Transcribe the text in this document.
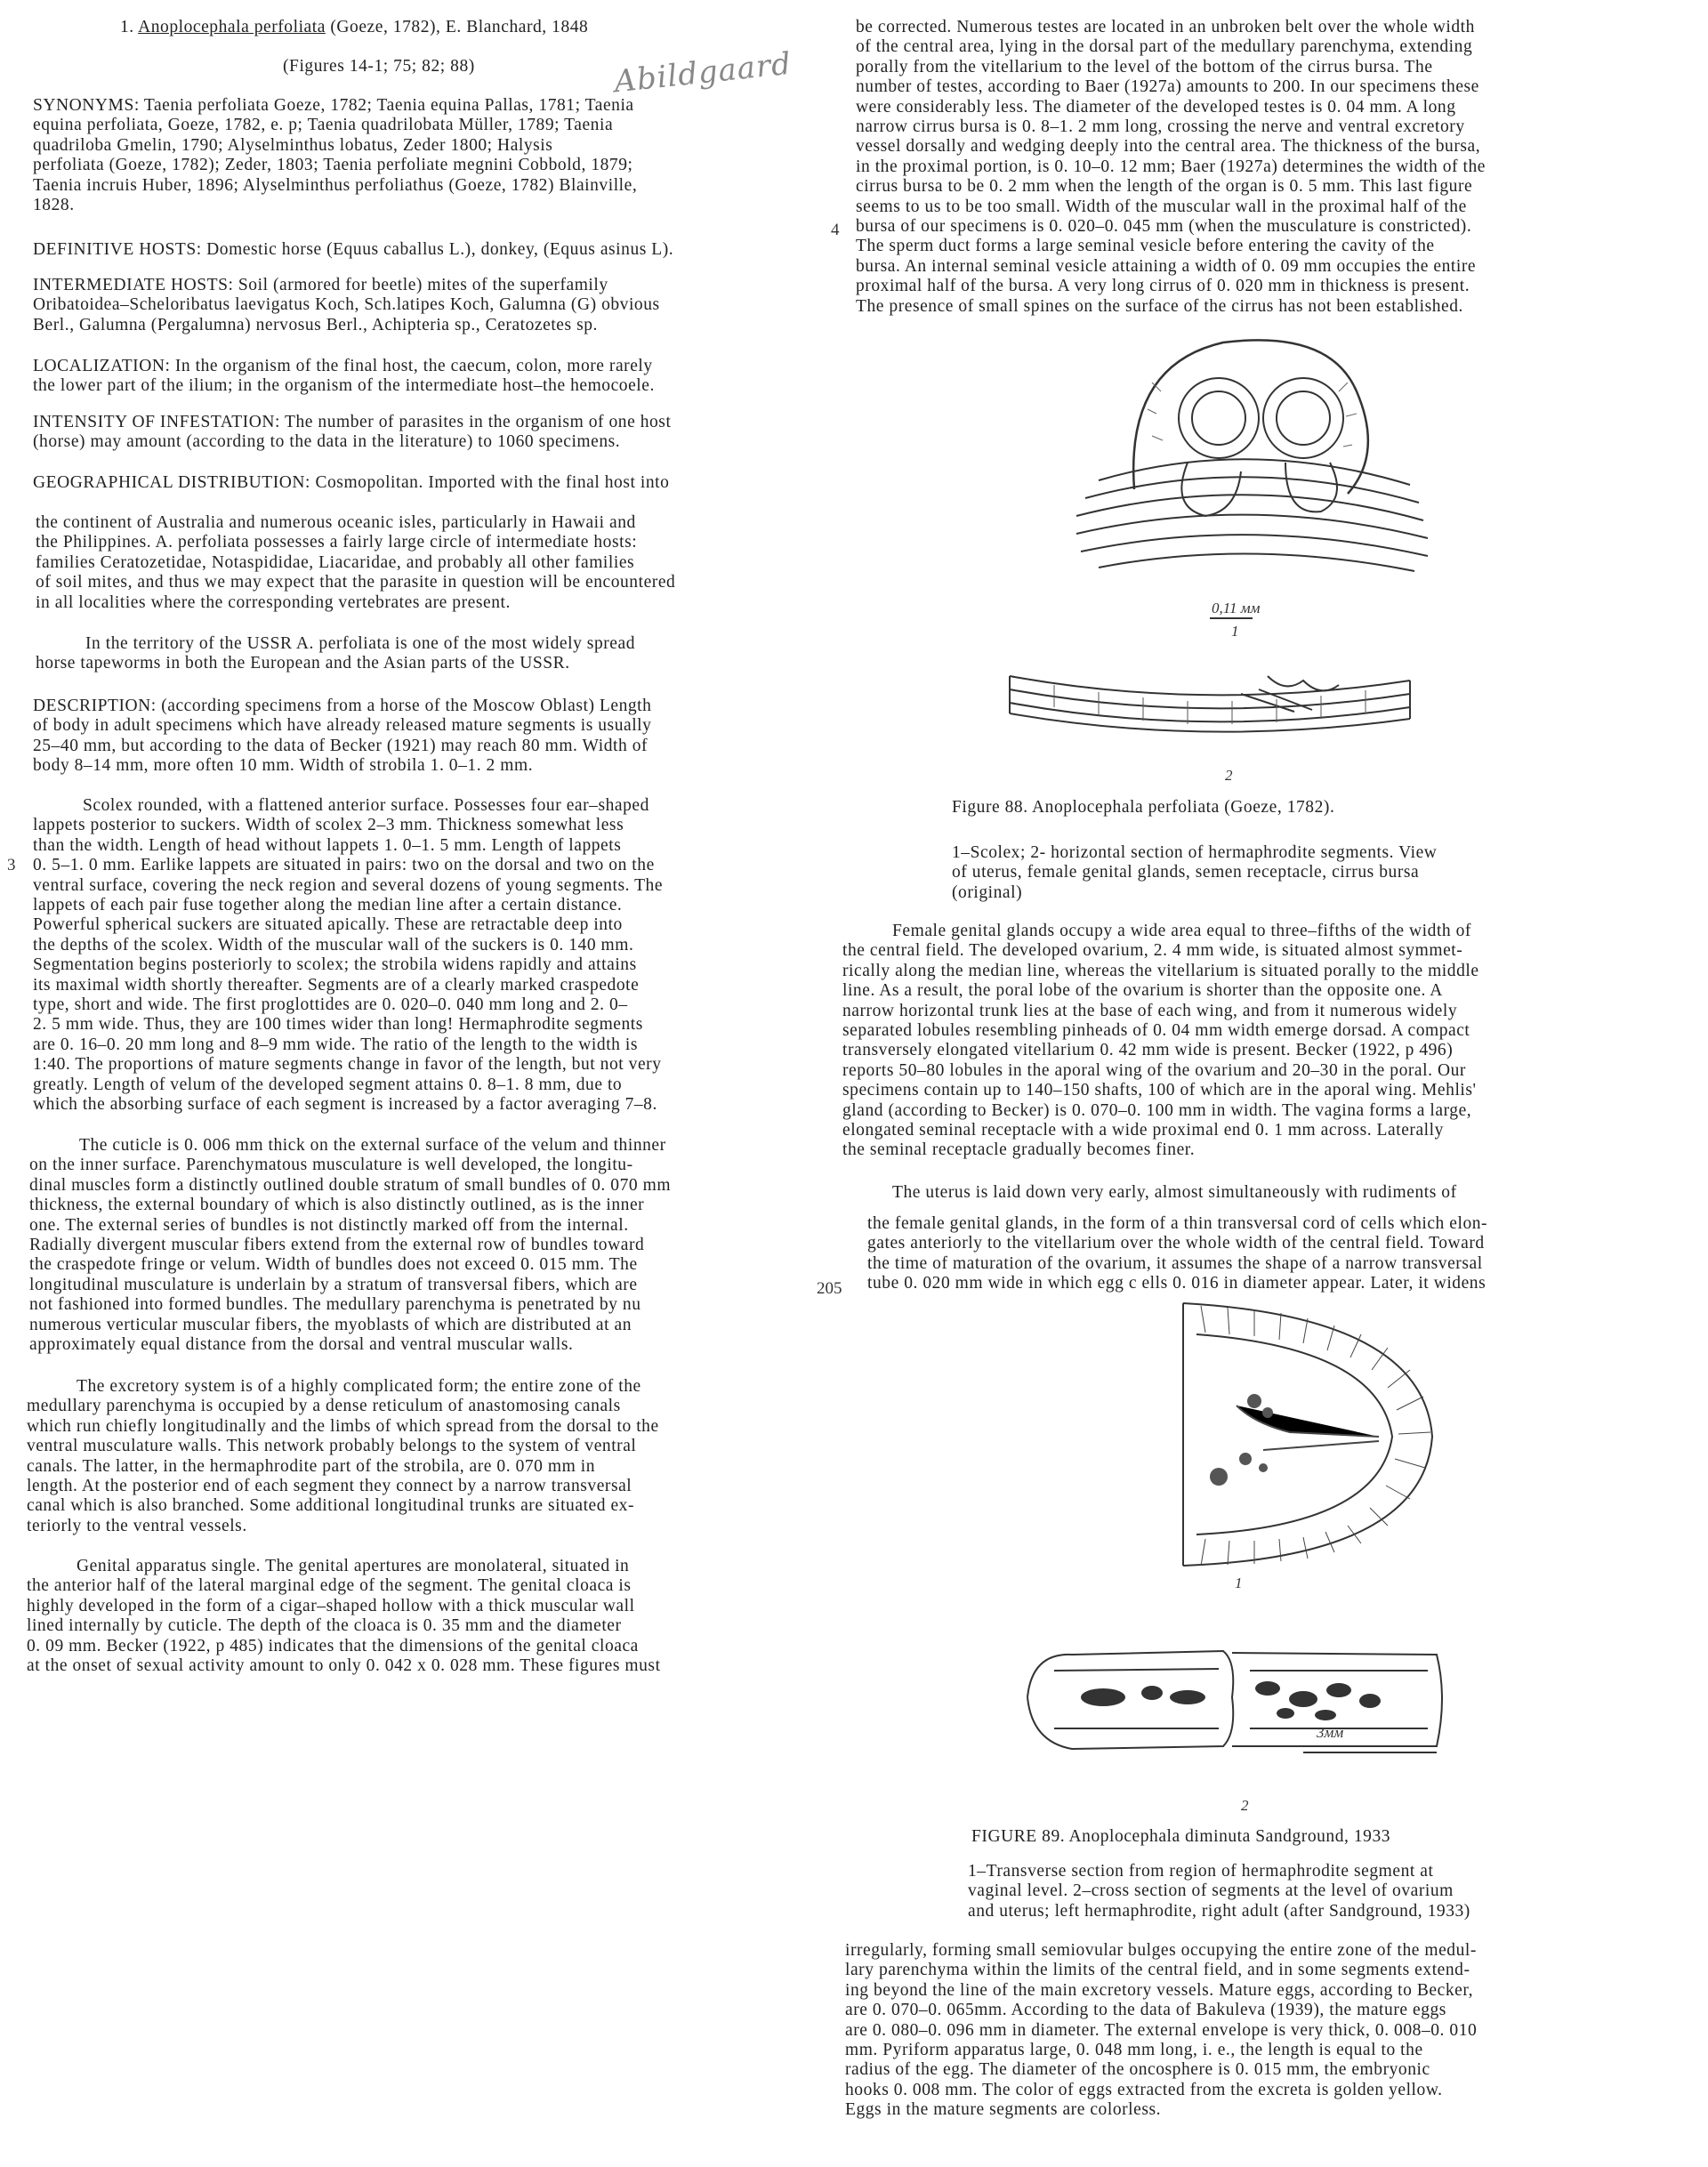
1. Anoplocephala perfoliata (Goeze, 1782), E. Blanchard, 1848
(Figures 14-1; 75; 82; 88)	Abildgaard
3
4
205
SYNONYMS: Taenia perfoliata Goeze, 1782; Taenia equina Pallas, 1781; Taenia
equina perfoliata, Goeze, 1782, e. p; Taenia quadrilobata Müller, 1789; Taenia
quadriloba Gmelin, 1790; Alyselminthus lobatus, Zeder 1800; Halysis
perfoliata (Goeze, 1782); Zeder, 1803; Taenia perfoliate megnini Cobbold, 1879;
Taenia incruis Huber, 1896; Alyselminthus perfoliathus (Goeze, 1782) Blainville,
1828.
DEFINITIVE HOSTS: Domestic horse (Equus caballus L.), donkey, (Equus asinus L).
INTERMEDIATE HOSTS: Soil (armored for beetle) mites of the superfamily
Oribatoidea–Scheloribatus laevigatus Koch, Sch.latipes Koch, Galumna (G) obvious
Berl., Galumna (Pergalumna) nervosus Berl., Achipteria sp., Ceratozetes sp.
LOCALIZATION: In the organism of the final host, the caecum, colon, more rarely
the lower part of the ilium; in the organism of the intermediate host–the hemocoele.
INTENSITY OF INFESTATION: The number of parasites in the organism of one host
(horse) may amount (according to the data in the literature) to 1060 specimens.
GEOGRAPHICAL DISTRIBUTION: Cosmopolitan. Imported with the final host into
the continent of Australia and numerous oceanic isles, particularly in Hawaii and
the Philippines. A. perfoliata possesses a fairly large circle of intermediate hosts:
families Ceratozetidae, Notaspididae, Liacaridae, and probably all other families
of soil mites, and thus we may expect that the parasite in question will be encountered
in all localities where the corresponding vertebrates are present.
In the territory of the USSR A. perfoliata is one of the most widely spread
horse tapeworms in both the European and the Asian parts of the USSR.
DESCRIPTION: (according specimens from a horse of the Moscow Oblast) Length
of body in adult specimens which have already released mature segments is usually
25–40 mm, but according to the data of Becker (1921) may reach 80 mm. Width of
body 8–14 mm, more often 10 mm. Width of strobila 1. 0–1. 2 mm.
Scolex rounded, with a flattened anterior surface. Possesses four ear–shaped
lappets posterior to suckers. Width of scolex 2–3 mm. Thickness somewhat less
than the width. Length of head without lappets 1. 0–1. 5 mm. Length of lappets
0. 5–1. 0 mm. Earlike lappets are situated in pairs: two on the dorsal and two on the
ventral surface, covering the neck region and several dozens of young segments. The
lappets of each pair fuse together along the median line after a certain distance.
Powerful spherical suckers are situated apically. These are retractable deep into
the depths of the scolex. Width of the muscular wall of the suckers is 0. 140 mm.
Segmentation begins posteriorly to scolex; the strobila widens rapidly and attains
its maximal width shortly thereafter. Segments are of a clearly marked craspedote
type, short and wide. The first proglottides are 0. 020–0. 040 mm long and 2. 0–
2. 5 mm wide. Thus, they are 100 times wider than long! Hermaphrodite segments
are 0. 16–0. 20 mm long and 8–9 mm wide. The ratio of the length to the width is
1:40. The proportions of mature segments change in favor of the length, but not very
greatly. Length of velum of the developed segment attains 0. 8–1. 8 mm, due to
which the absorbing surface of each segment is increased by a factor averaging 7–8.
The cuticle is 0. 006 mm thick on the external surface of the velum and thinner
on the inner surface. Parenchymatous musculature is well developed, the longitu-
dinal muscles form a distinctly outlined double stratum of small bundles of 0. 070 mm
thickness, the external boundary of which is also distinctly outlined, as is the inner
one. The external series of bundles is not distinctly marked off from the internal.
Radially divergent muscular fibers extend from the external row of bundles toward
the craspedote fringe or velum. Width of bundles does not exceed 0. 015 mm. The
longitudinal musculature is underlain by a stratum of transversal fibers, which are
not fashioned into formed bundles. The medullary parenchyma is penetrated by nu
numerous verticular muscular fibers, the myoblasts of which are distributed at an
approximately equal distance from the dorsal and ventral muscular walls.
The excretory system is of a highly complicated form; the entire zone of the
medullary parenchyma is occupied by a dense reticulum of anastomosing canals
which run chiefly longitudinally and the limbs of which spread from the dorsal to the
ventral musculature walls. This network probably belongs to the system of ventral
canals. The latter, in the hermaphrodite part of the strobila, are 0. 070 mm in
length. At the posterior end of each segment they connect by a narrow transversal
canal which is also branched. Some additional longitudinal trunks are situated ex-
teriorly to the ventral vessels.
Genital apparatus single. The genital apertures are monolateral, situated in
the anterior half of the lateral marginal edge of the segment. The genital cloaca is
highly developed in the form of a cigar–shaped hollow with a thick muscular wall
lined internally by cuticle. The depth of the cloaca is 0. 35 mm and the diameter
0. 09 mm. Becker (1922, p 485) indicates that the dimensions of the genital cloaca
at the onset of sexual activity amount to only 0. 042 x 0. 028 mm. These figures must
be corrected. Numerous testes are located in an unbroken belt over the whole width
of the central area, lying in the dorsal part of the medullary parenchyma, extending
porally from the vitellarium to the level of the bottom of the cirrus bursa. The
number of testes, according to Baer (1927a) amounts to 200. In our specimens these
were considerably less. The diameter of the developed testes is 0. 04 mm. A long
narrow cirrus bursa is 0. 8–1. 2 mm long, crossing the nerve and ventral excretory
vessel dorsally and wedging deeply into the central area. The thickness of the bursa,
in the proximal portion, is 0. 10–0. 12 mm; Baer (1927a) determines the width of the
cirrus bursa to be 0. 2 mm when the length of the organ is 0. 5 mm. This last figure
seems to us to be too small. Width of the muscular wall in the proximal half of the
bursa of our specimens is 0. 020–0. 045 mm (when the musculature is constricted).
The sperm duct forms a large seminal vesicle before entering the cavity of the
bursa. An internal seminal vesicle attaining a width of 0. 09 mm occupies the entire
proximal half of the bursa. A very long cirrus of 0. 020 mm in thickness is present.
The presence of small spines on the surface of the cirrus has not been established.
0,11 мм
1
2
Figure 88. Anoplocephala perfoliata (Goeze, 1782).
1–Scolex; 2- horizontal section of hermaphrodite segments. View
of uterus, female genital glands, semen receptacle, cirrus bursa
(original)
Female genital glands occupy a wide area equal to three–fifths of the width of
the central field. The developed ovarium, 2. 4 mm wide, is situated almost symmet-
rically along the median line, whereas the vitellarium is situated porally to the middle
line. As a result, the poral lobe of the ovarium is shorter than the opposite one. A
narrow horizontal trunk lies at the base of each wing, and from it numerous widely
separated lobules resembling pinheads of 0. 04 mm width emerge dorsad. A compact
transversely elongated vitellarium 0. 42 mm wide is present. Becker (1922, p 496)
reports 50–80 lobules in the aporal wing of the ovarium and 20–30 in the poral. Our
specimens contain up to 140–150 shafts, 100 of which are in the aporal wing. Mehlis'
gland (according to Becker) is 0. 070–0. 100 mm in width. The vagina forms a large,
elongated seminal receptacle with a wide proximal end 0. 1 mm across. Laterally
the seminal receptacle gradually becomes finer.
The uterus is laid down very early, almost simultaneously with rudiments of
the female genital glands, in the form of a thin transversal cord of cells which elon-
gates anteriorly to the vitellarium over the whole width of the central field. Toward
the time of maturation of the ovarium, it assumes the shape of a narrow transversal
tube 0. 020 mm wide in which egg c ells 0. 016 in diameter appear. Later, it widens
1
3мм
2
FIGURE 89. Anoplocephala diminuta Sandground, 1933
1–Transverse section from region of hermaphrodite segment at
vaginal level. 2–cross section of segments at the level of ovarium
and uterus; left hermaphrodite, right adult (after Sandground, 1933)
irregularly, forming small semiovular bulges occupying the entire zone of the medul-
lary parenchyma within the limits of the central field, and in some segments extend-
ing beyond the line of the main excretory vessels. Mature eggs, according to Becker,
are 0. 070–0. 065mm. According to the data of Bakuleva (1939), the mature eggs
are 0. 080–0. 096 mm in diameter. The external envelope is very thick, 0. 008–0. 010
mm. Pyriform apparatus large, 0. 048 mm long, i. e., the length is equal to the
radius of the egg. The diameter of the oncosphere is 0. 015 mm, the embryonic
hooks 0. 008 mm. The color of eggs extracted from the excreta is golden yellow.
Eggs in the mature segments are colorless.
